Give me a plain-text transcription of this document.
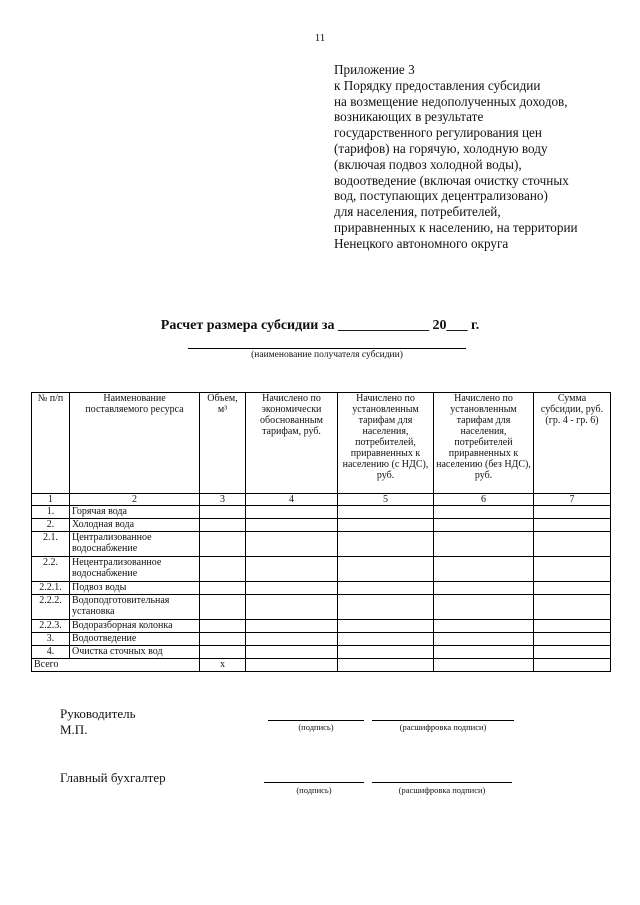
11
Приложение 3
к Порядку предоставления субсидии
на возмещение недополученных доходов,
возникающих в результате
государственного регулирования цен
(тарифов) на горячую, холодную воду
(включая подвоз холодной воды),
водоотведение (включая очистку сточных
вод, поступающих децентрализовано)
для населения, потребителей,
приравненных к населению, на территории
Ненецкого автономного округа
Расчет размера субсидии за _____________ 20___ г.
(наименование получателя субсидии)
№ п/п	Наименование поставляемого ресурса	Объем, м³	Начислено по экономически обоснованным тарифам, руб.	Начислено по установленным тарифам для населения, потребителей, приравненных к населению (с НДС), руб.	Начислено по установленным тарифам для населения, потребителей приравненных к населению (без НДС), руб.	Сумма субсидии, руб. (гр. 4 - гр. 6)
1	2	3	4	5	6	7
1.	Горячая вода					
2.	Холодная вода					
2.1.	Централизованное водоснабжение					
2.2.	Нецентрализованное водоснабжение					
2.2.1.	Подвоз воды					
2.2.2.	Водоподготовительная установка					
2.2.3.	Водоразборная колонка					
3.	Водоотведение					
4.	Очистка сточных вод					
Всего		х				
Руководитель
М.П.	(подпись)	(расшифровка подписи)
Главный бухгалтер
(подпись)	(расшифровка подписи)
